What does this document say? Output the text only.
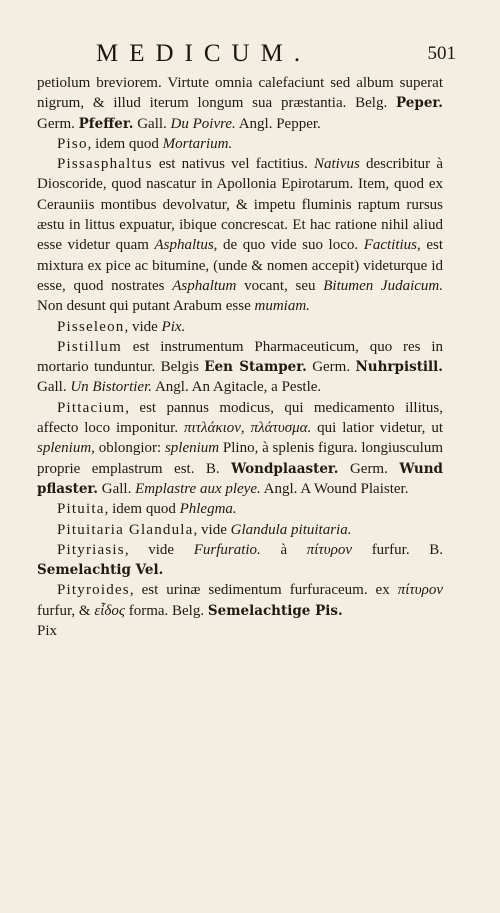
MEDICUM.	501

petiolum breviorem. Virtute omnia calefaciunt sed album superat nigrum, & illud iterum longum sua præstantia. Belg. Peper. Germ. Pfeffer. Gall. Du Poivre. Angl. Pepper.

Piso, idem quod Mortarium.

Pissasphaltus est nativus vel factitius. Nativus describitur à Dioscoride, quod nascatur in Apollonia Epirotarum. Item, quod ex Cerauniis montibus devolvatur, & impetu fluminis raptum rursus æstu in littus expuatur, ibique concrescat. Et hac ratione nihil aliud esse videtur quam Asphaltus, de quo vide suo loco. Factitius, est mixtura ex pice ac bitumine, (unde & nomen accepit) videturque id esse, quod nostrates Asphaltum vocant, seu Bitumen Judaicum. Non desunt qui putant Arabum esse mumiam.

Pisseleon, vide Pix.

Pistillum est instrumentum Pharmaceuticum, quo res in mortario tunduntur. Belgis Een Stamper. Germ. Nuhrpistill. Gall. Un Bistortier. Angl. An Agitacle, a Pestle.

Pittacium, est pannus modicus, qui medicamento illitus, affecto loco imponitur. πιτλάκιον, πλάτυσμα. qui latior videtur, ut splenium, oblongior: splenium Plino, à splenis figura. longiusculum proprie emplastrum est. B. Wondplaaster. Germ. Wund pflaster. Gall. Emplastre aux pleye. Angl. A Wound Plaister.

Pituita, idem quod Phlegma.

Pituitaria Glandula, vide Glandula pituitaria.

Pityriasis, vide Furfuratio. à πίτυρον furfur. B. Semelachtig Vel.

Pityroides, est urinæ sedimentum furfuraceum. ex πίτυρον furfur, & εἶδος forma. Belg. Semelachtige Pis.

Pix
